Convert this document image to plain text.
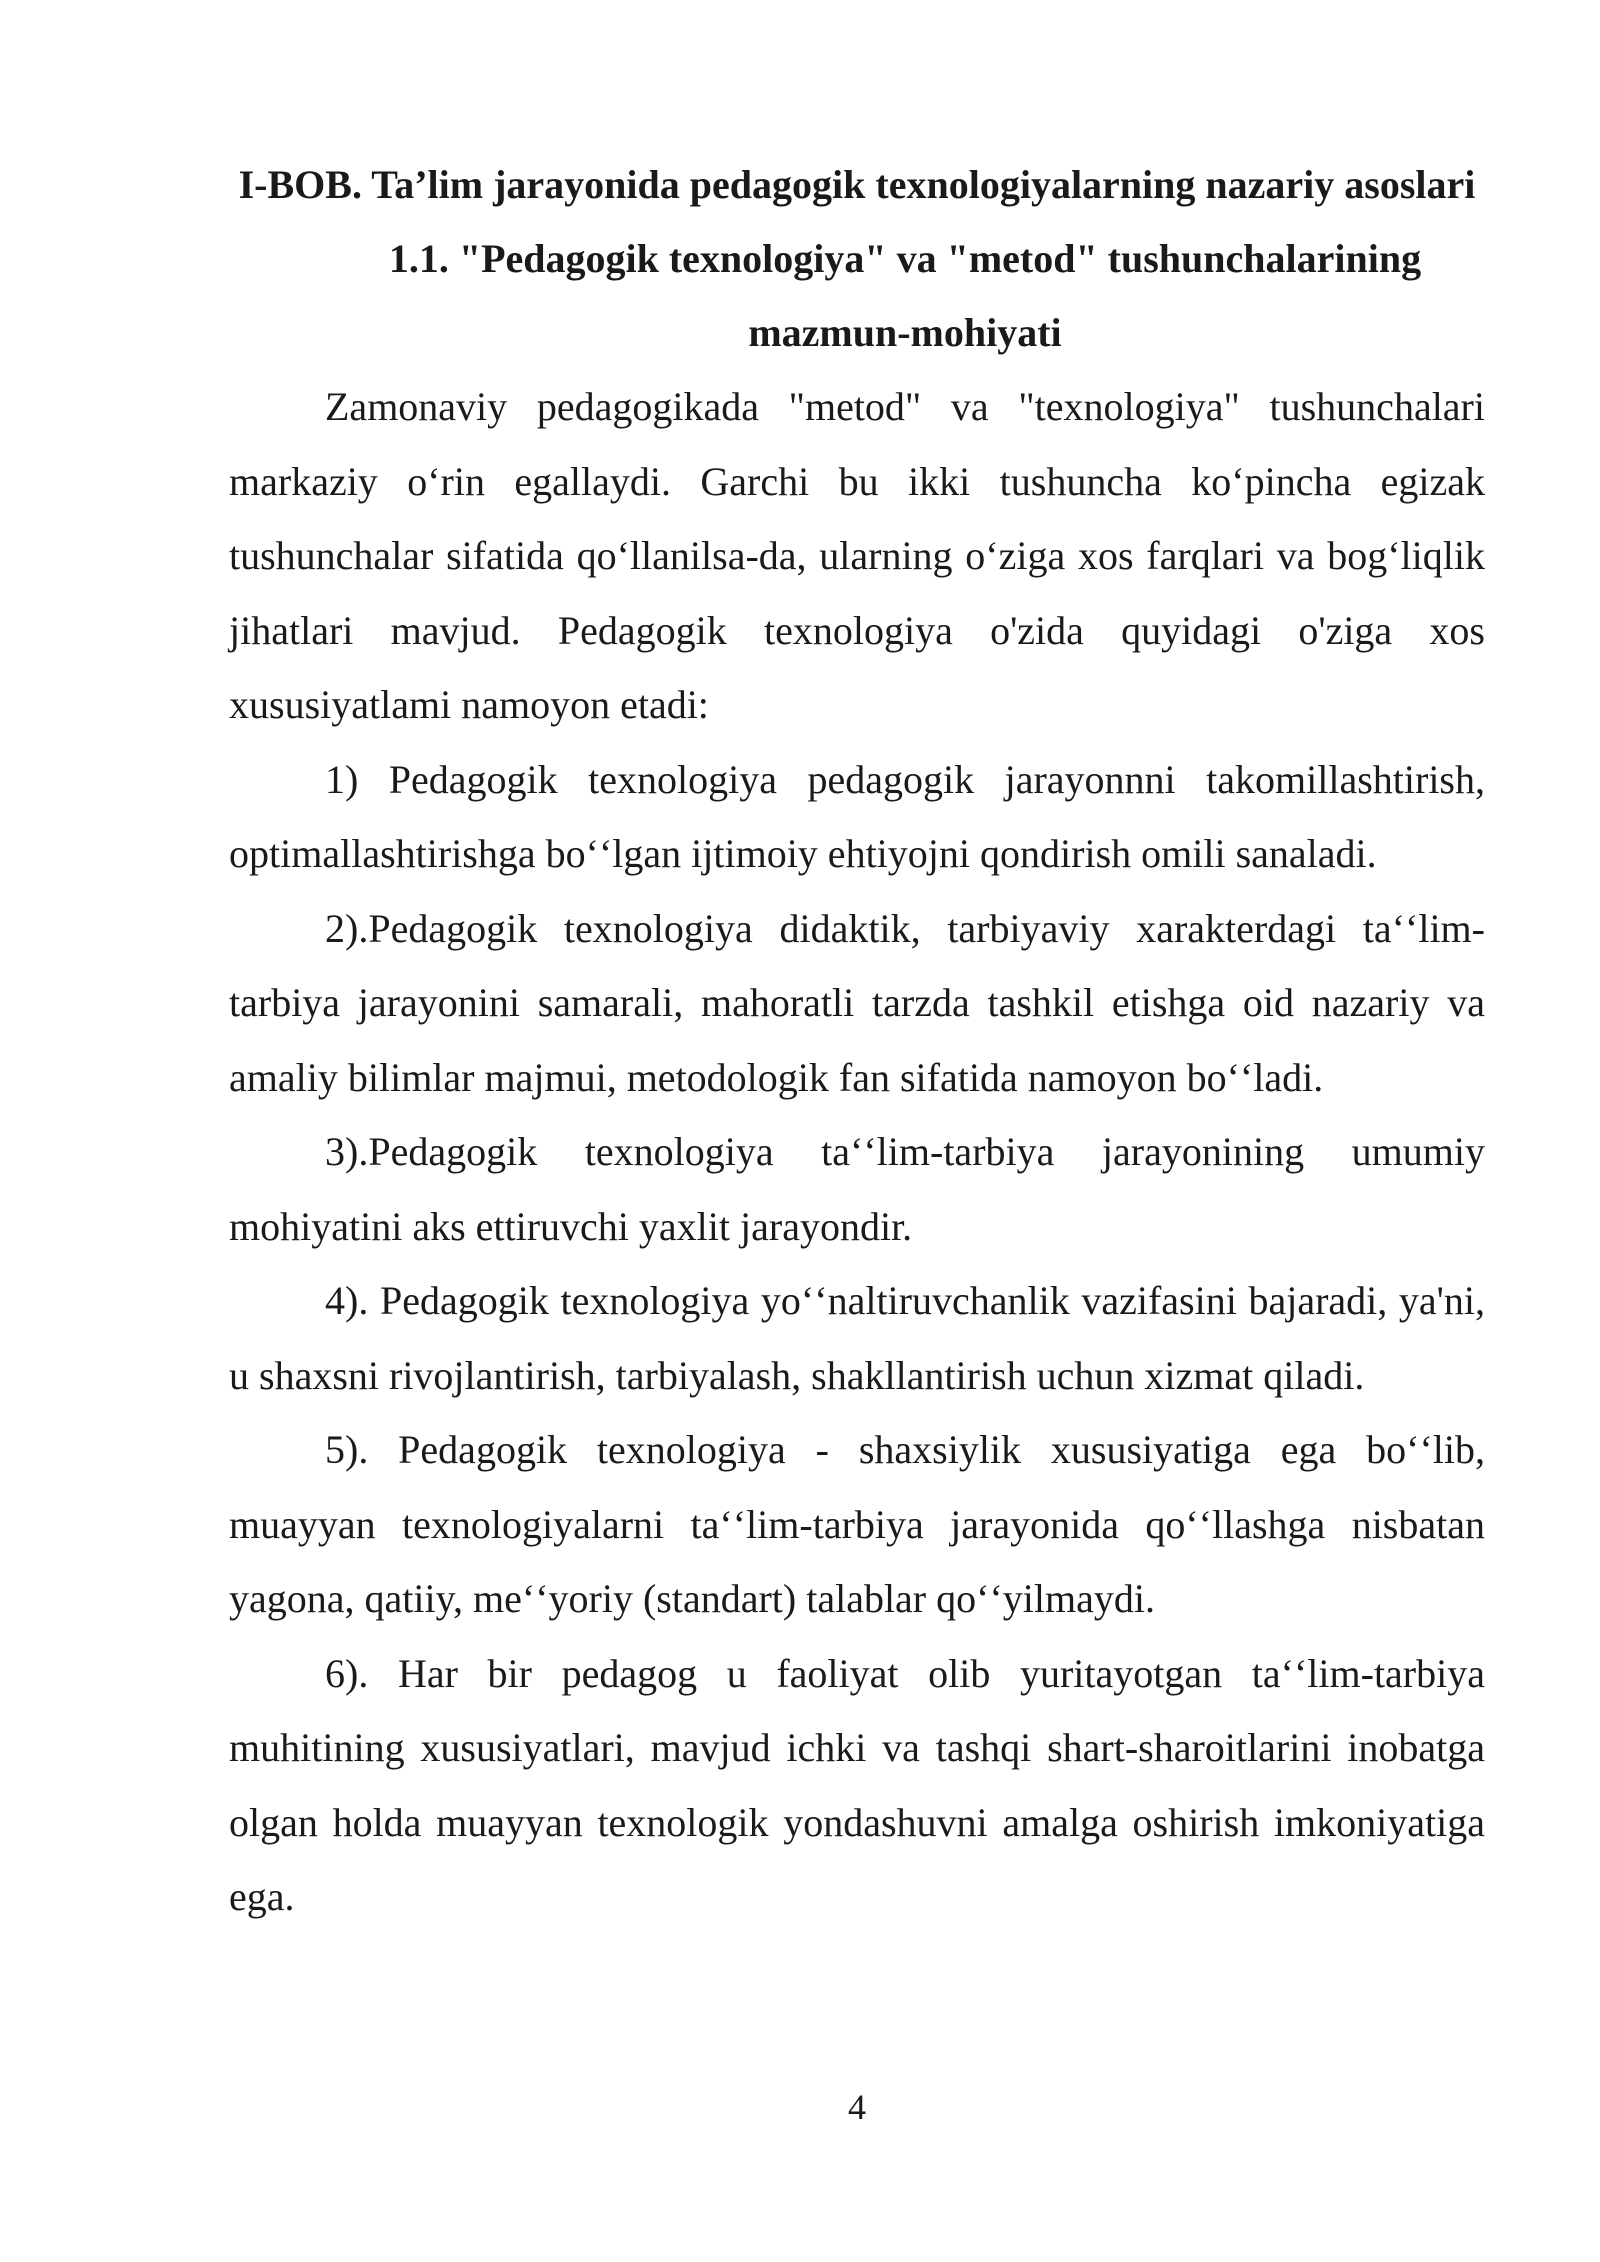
I-BOB. Ta’lim jarayonida pedagogik texnologiyalarning nazariy asoslari
1.1. "Pedagogik texnologiya" va "metod" tushunchalarining mazmun-mohiyati

Zamonaviy pedagogikada "metod" va "texnologiya" tushunchalari markaziy oʻrin egallaydi. Garchi bu ikki tushuncha koʻpincha egizak tushunchalar sifatida qoʻllanilsa-da, ularning oʻziga xos farqlari va bogʻliqlik jihatlari mavjud. Pedagogik texnologiya o'zida quyidagi o'ziga xos xususiyatlami namoyon etadi:

1) Pedagogik texnologiya pedagogik jarayonnni takomillashtirish, optimallashtirishga boʻʻlgan ijtimoiy ehtiyojni qondirish omili sanaladi.

2).Pedagogik texnologiya didaktik, tarbiyaviy xarakterdagi taʻʻlim-tarbiya jarayonini samarali, mahoratli tarzda tashkil etishga oid nazariy va amaliy bilimlar majmui, metodologik fan sifatida namoyon boʻʻladi.

3).Pedagogik texnologiya taʻʻlim-tarbiya jarayonining umumiy mohiyatini aks ettiruvchi yaxlit jarayondir.

4). Pedagogik texnologiya yoʻʻnaltiruvchanlik vazifasini bajaradi, ya'ni, u shaxsni rivojlantirish, tarbiyalash, shakllantirish uchun xizmat qiladi.

5). Pedagogik texnologiya - shaxsiylik xususiyatiga ega boʻʻlib, muayyan texnologiyalarni taʻʻlim-tarbiya jarayonida qoʻʻllashga nisbatan yagona, qatiiy, meʻʻyoriy (standart) talablar qoʻʻyilmaydi.

6). Har bir pedagog u faoliyat olib yuritayotgan taʻʻlim-tarbiya muhitining xususiyatlari, mavjud ichki va tashqi shart-sharoitlarini inobatga olgan holda muayyan texnologik yondashuvni amalga oshirish imkoniyatiga ega.

4
